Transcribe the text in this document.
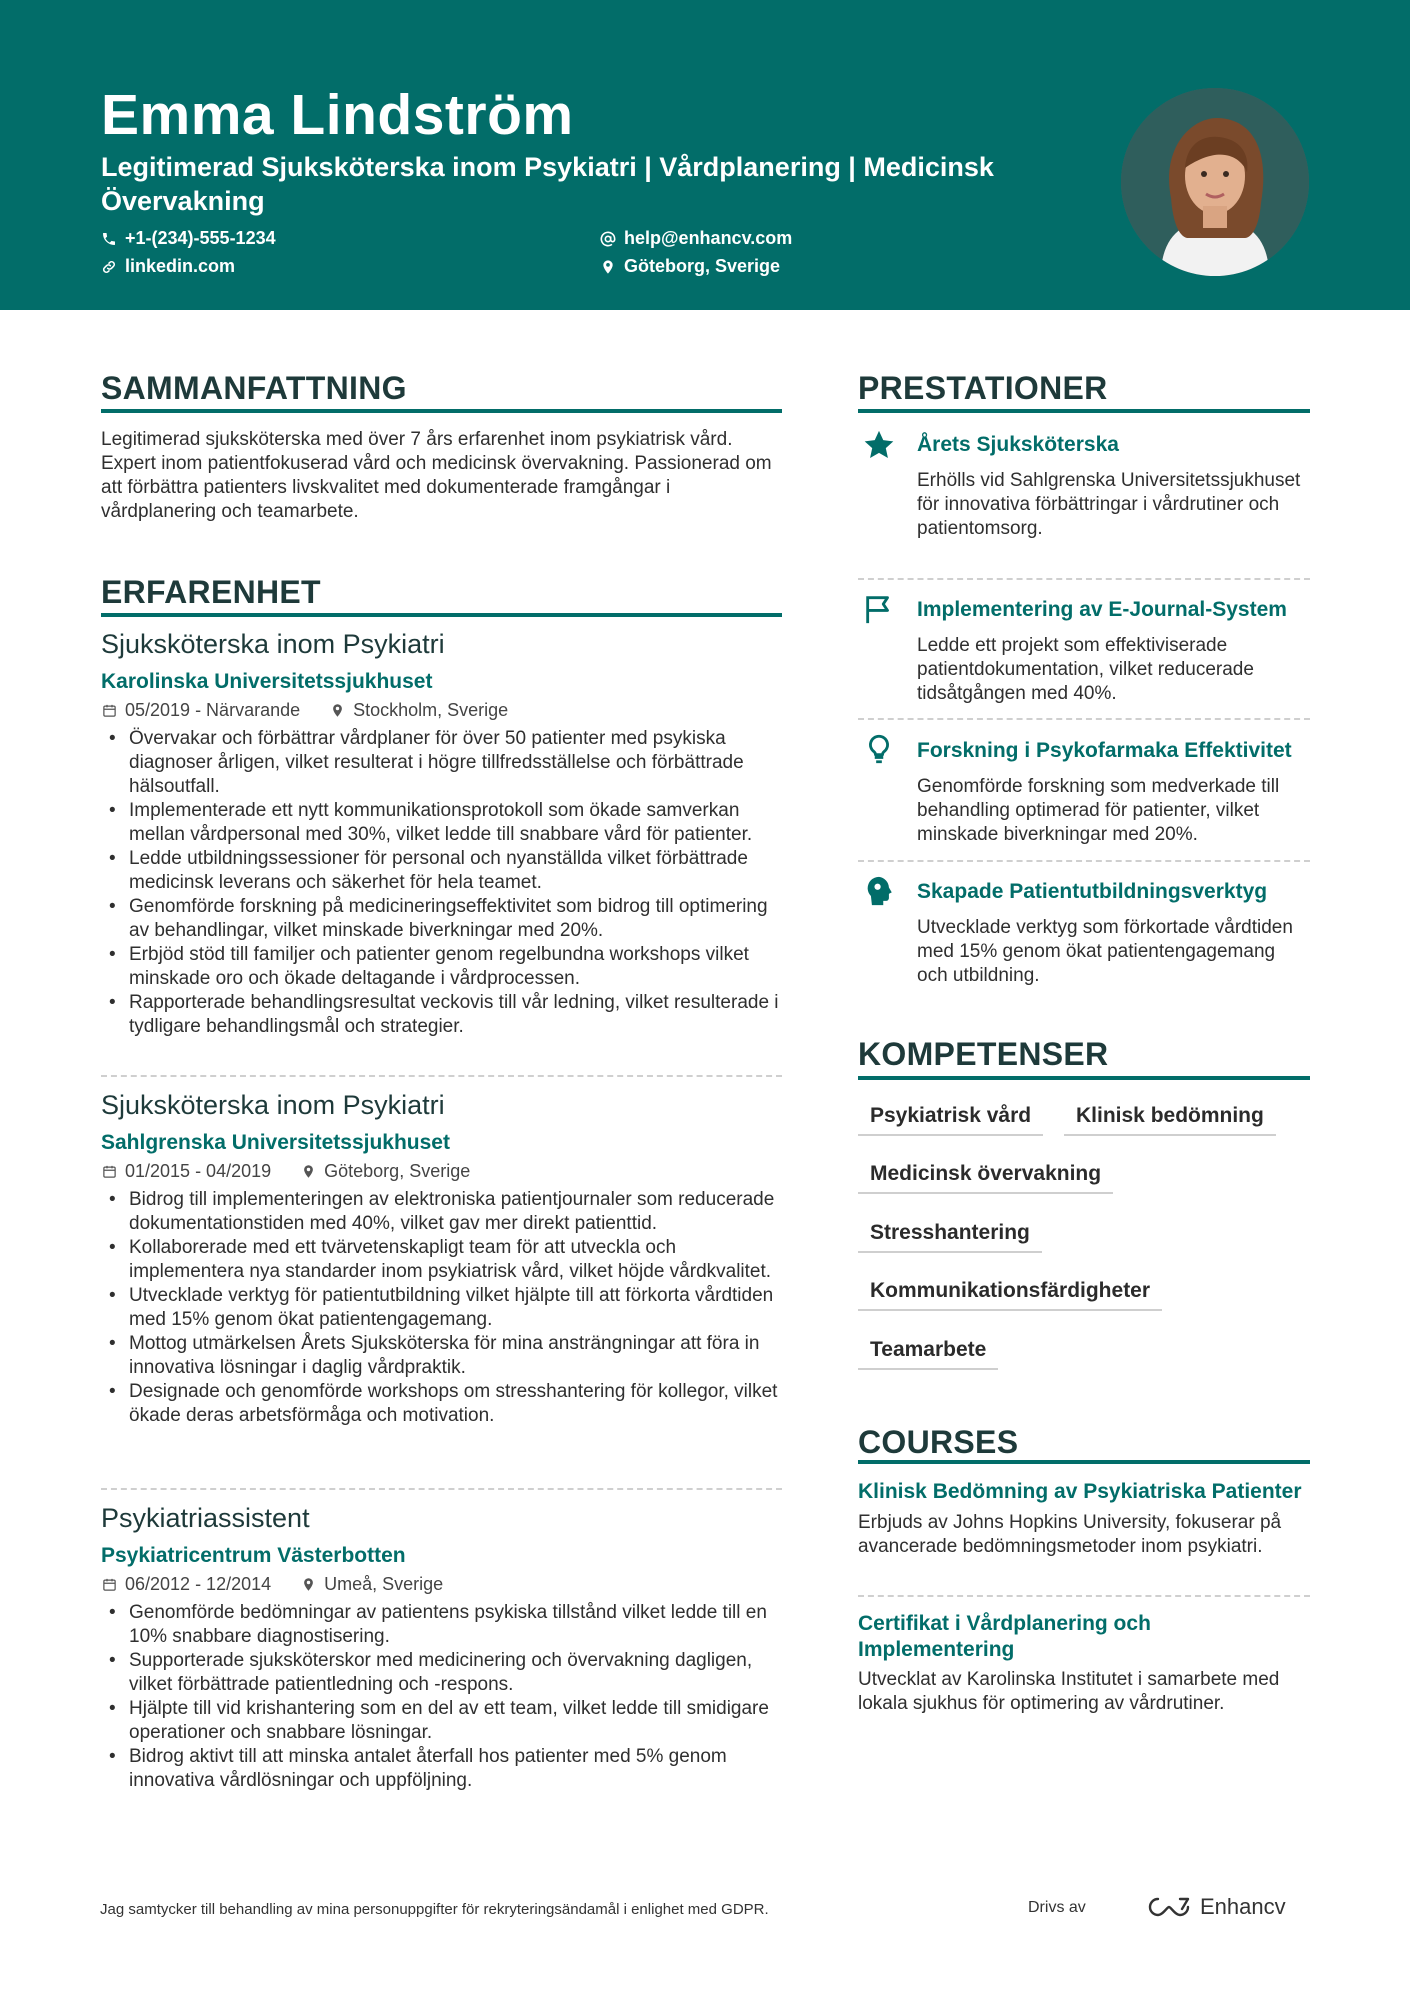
Emma Lindström
Legitimerad Sjuksköterska inom Psykiatri | Vårdplanering | Medicinsk Övervakning
+1-(234)-555-1234	help@enhancv.com
linkedin.com	Göteborg, Sverige
SAMMANFATTNING
Legitimerad sjuksköterska med över 7 års erfarenhet inom psykiatrisk vård. Expert inom patientfokuserad vård och medicinsk övervakning. Passionerad om att förbättra patienters livskvalitet med dokumenterade framgångar i vårdplanering och teamarbete.
ERFARENHET
Sjuksköterska inom Psykiatri
Karolinska Universitetssjukhuset
05/2019 - Närvarande	Stockholm, Sverige
• Övervakar och förbättrar vårdplaner för över 50 patienter med psykiska diagnoser årligen, vilket resulterat i högre tillfredsställelse och förbättrade hälsoutfall.
• Implementerade ett nytt kommunikationsprotokoll som ökade samverkan mellan vårdpersonal med 30%, vilket ledde till snabbare vård för patienter.
• Ledde utbildningssessioner för personal och nyanställda vilket förbättrade medicinsk leverans och säkerhet för hela teamet.
• Genomförde forskning på medicineringseffektivitet som bidrog till optimering av behandlingar, vilket minskade biverkningar med 20%.
• Erbjöd stöd till familjer och patienter genom regelbundna workshops vilket minskade oro och ökade deltagande i vårdprocessen.
• Rapporterade behandlingsresultat veckovis till vår ledning, vilket resulterade i tydligare behandlingsmål och strategier.
Sjuksköterska inom Psykiatri
Sahlgrenska Universitetssjukhuset
01/2015 - 04/2019	Göteborg, Sverige
• Bidrog till implementeringen av elektroniska patientjournaler som reducerade dokumentationstiden med 40%, vilket gav mer direkt patienttid.
• Kollaborerade med ett tvärvetenskapligt team för att utveckla och implementera nya standarder inom psykiatrisk vård, vilket höjde vårdkvalitet.
• Utvecklade verktyg för patientutbildning vilket hjälpte till att förkorta vårdtiden med 15% genom ökat patientengagemang.
• Mottog utmärkelsen Årets Sjuksköterska för mina ansträngningar att föra in innovativa lösningar i daglig vårdpraktik.
• Designade och genomförde workshops om stresshantering för kollegor, vilket ökade deras arbetsförmåga och motivation.
Psykiatriassistent
Psykiatricentrum Västerbotten
06/2012 - 12/2014	Umeå, Sverige
• Genomförde bedömningar av patientens psykiska tillstånd vilket ledde till en 10% snabbare diagnostisering.
• Supporterade sjuksköterskor med medicinering och övervakning dagligen, vilket förbättrade patientledning och -respons.
• Hjälpte till vid krishantering som en del av ett team, vilket ledde till smidigare operationer och snabbare lösningar.
• Bidrog aktivt till att minska antalet återfall hos patienter med 5% genom innovativa vårdlösningar och uppföljning.
PRESTATIONER
Årets Sjuksköterska
Erhölls vid Sahlgrenska Universitetssjukhuset för innovativa förbättringar i vårdrutiner och patientomsorg.
Implementering av E-Journal-System
Ledde ett projekt som effektiviserade patientdokumentation, vilket reducerade tidsåtgången med 40%.
Forskning i Psykofarmaka Effektivitet
Genomförde forskning som medverkade till behandling optimerad för patienter, vilket minskade biverkningar med 20%.
Skapade Patientutbildningsverktyg
Utvecklade verktyg som förkortade vårdtiden med 15% genom ökat patientengagemang och utbildning.
KOMPETENSER
Psykiatrisk vård	Klinisk bedömning
Medicinsk övervakning
Stresshantering
Kommunikationsfärdigheter
Teamarbete
COURSES
Klinisk Bedömning av Psykiatriska Patienter
Erbjuds av Johns Hopkins University, fokuserar på avancerade bedömningsmetoder inom psykiatri.
Certifikat i Vårdplanering och Implementering
Utvecklat av Karolinska Institutet i samarbete med lokala sjukhus för optimering av vårdrutiner.
Jag samtycker till behandling av mina personuppgifter för rekryteringsändamål i enlighet med GDPR.	Drivs av	Enhancv
